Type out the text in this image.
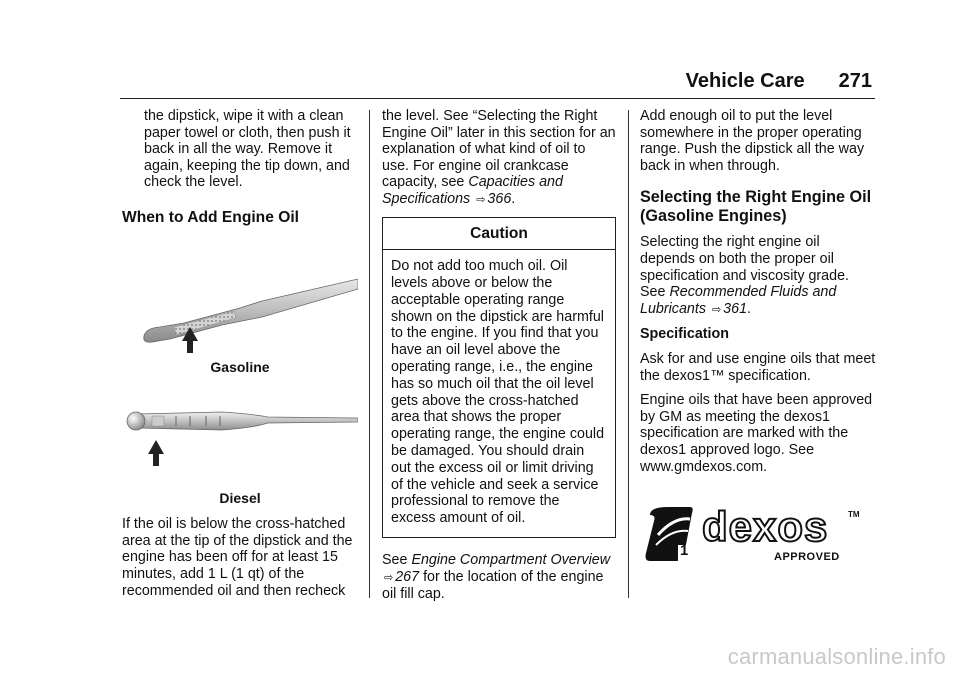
Vehicle Care 271

the dipstick, wipe it with a clean paper towel or cloth, then push it back in all the way. Remove it again, keeping the tip down, and check the level.

When to Add Engine Oil
Gasoline
Diesel

If the oil is below the cross-hatched area at the tip of the dipstick and the engine has been off for at least 15 minutes, add 1 L (1 qt) of the recommended oil and then recheck

the level. See “Selecting the Right Engine Oil” later in this section for an explanation of what kind of oil to use. For engine oil crankcase capacity, see Capacities and Specifications ⇨ 366.

Caution
Do not add too much oil. Oil levels above or below the acceptable operating range shown on the dipstick are harmful to the engine. If you find that you have an oil level above the operating range, i.e., the engine has so much oil that the oil level gets above the cross-hatched area that shows the proper operating range, the engine could be damaged. You should drain out the excess oil or limit driving of the vehicle and seek a service professional to remove the excess amount of oil.

See Engine Compartment Overview
⇨ 267 for the location of the engine oil fill cap.

Add enough oil to put the level somewhere in the proper operating range. Push the dipstick all the way back in when through.

Selecting the Right Engine Oil (Gasoline Engines)

Selecting the right engine oil depends on both the proper oil specification and viscosity grade. See Recommended Fluids and Lubricants ⇨ 361.

Specification

Ask for and use engine oils that meet the dexos1™ specification.

Engine oils that have been approved by GM as meeting the dexos1 specification are marked with the dexos1 approved logo. See www.gmdexos.com.

1
dexos TM
APPROVED
carmanualsonline.info
